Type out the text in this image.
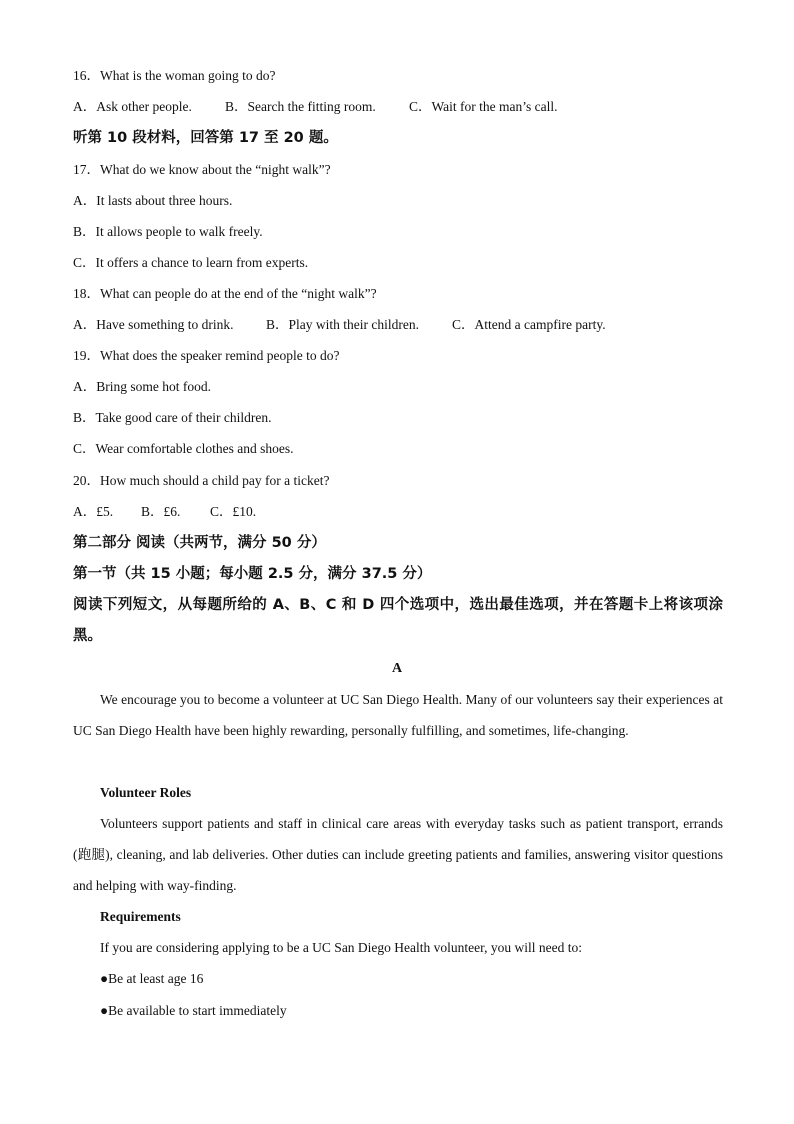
16．What is the woman going to do?
A．Ask other people. B．Search the fitting room. C．Wait for the man’s call.
听第 10 段材料，回答第 17 至 20 题。
17．What do we know about the “night walk”?
A．It lasts about three hours.
B．It allows people to walk freely.
C．It offers a chance to learn from experts.
18．What can people do at the end of the “night walk”?
A．Have something to drink. B．Play with their children. C．Attend a campfire party.
19．What does the speaker remind people to do?
A．Bring some hot food.
B．Take good care of their children.
C．Wear comfortable clothes and shoes.
20．How much should a child pay for a ticket?
A．£5. B．£6. C．£10.
第二部分 阅读（共两节，满分 50 分）
第一节（共 15 小题；每小题 2.5 分，满分 37.5 分）
阅读下列短文，从每题所给的 A、B、C 和 D 四个选项中，选出最佳选项，并在答题卡上将该项涂黑。
A
We encourage you to become a volunteer at UC San Diego Health. Many of our volunteers say their experiences at UC San Diego Health have been highly rewarding, personally fulfilling, and sometimes, life-changing.
Volunteer Roles
Volunteers support patients and staff in clinical care areas with everyday tasks such as patient transport, errands (跑腿), cleaning, and lab deliveries. Other duties can include greeting patients and families, answering visitor questions and helping with way-finding.
Requirements
If you are considering applying to be a UC San Diego Health volunteer, you will need to:
●Be at least age 16
●Be available to start immediately
